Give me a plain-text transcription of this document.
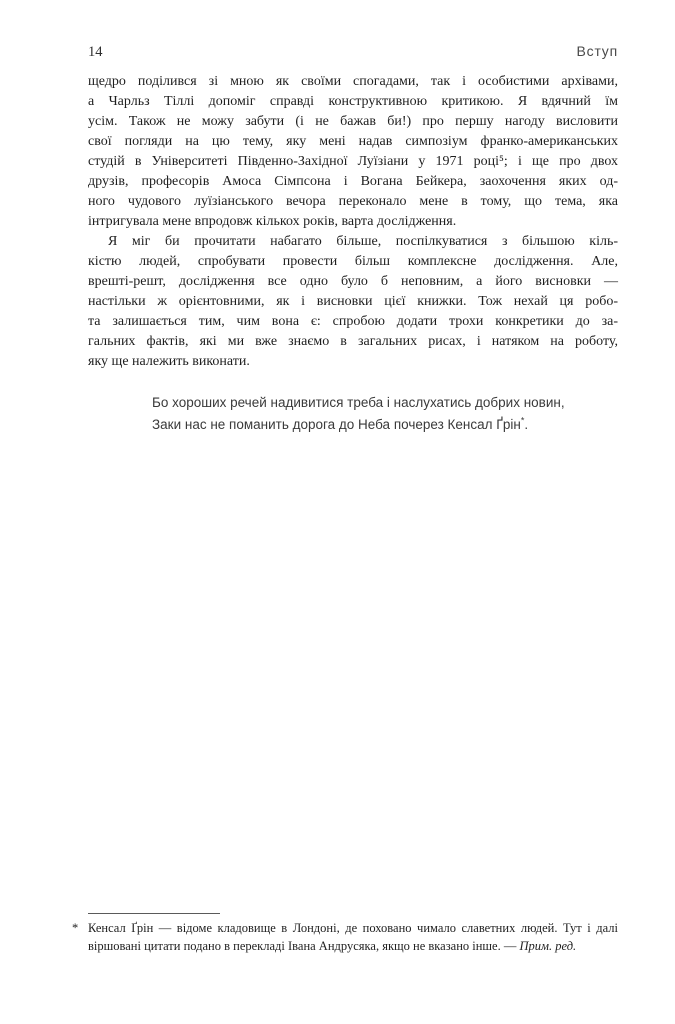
14	Вступ
щедро поділився зі мною як своїми спогадами, так і особистими архівами,
а Чарльз Тіллі допоміг справді конструктивною критикою. Я вдячний їм
усім. Також не можу забути (і не бажав би!) про першу нагоду висловити
свої погляди на цю тему, яку мені надав симпозіум франко-американських
студій в Університеті Південно-Західної Луїзіани у 1971 році⁵; і ще про двох
друзів, професорів Амоса Сімпсона і Вогана Бейкера, заохочення яких од-
ного чудового луїзіанського вечора переконало мене в тому, що тема, яка
інтригувала мене впродовж кількох років, варта дослідження.
Я міг би прочитати набагато більше, поспілкуватися з більшою кіль-
кістю людей, спробувати провести більш комплексне дослідження. Але,
врешті-решт, дослідження все одно було б неповним, а його висновки —
настільки ж орієнтовними, як і висновки цієї книжки. Тож нехай ця робо-
та залишається тим, чим вона є: спробою додати трохи конкретики до за-
гальних фактів, які ми вже знаємо в загальних рисах, і натяком на роботу,
яку ще належить виконати.
Бо хороших речей надивитися треба і наслухатись добрих новин,
Заки нас не поманить дорога до Неба почерез Кенсал Ґрін*.
* Кенсал Ґрін — відоме кладовище в Лондоні, де поховано чимало славетних людей. Тут і далі віршовані цитати подано в перекладі Івана Андрусяка, якщо не вказано інше. — Прим. ред.
